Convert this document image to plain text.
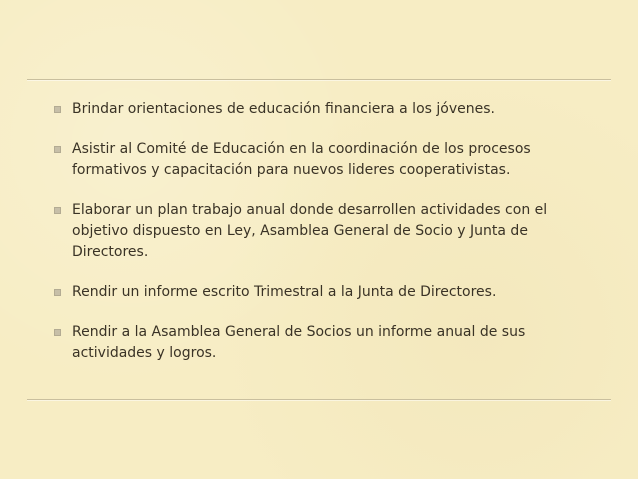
Brindar orientaciones de educación financiera a los jóvenes.
Asistir al Comité de Educación en la coordinación de los procesos formativos y capacitación para nuevos lideres cooperativistas.
Elaborar un plan trabajo anual donde desarrollen actividades con el objetivo dispuesto en Ley, Asamblea General de Socio y Junta de Directores.
Rendir un informe escrito Trimestral a la Junta de Directores.
Rendir a la Asamblea General de Socios un informe anual de sus actividades y logros.
